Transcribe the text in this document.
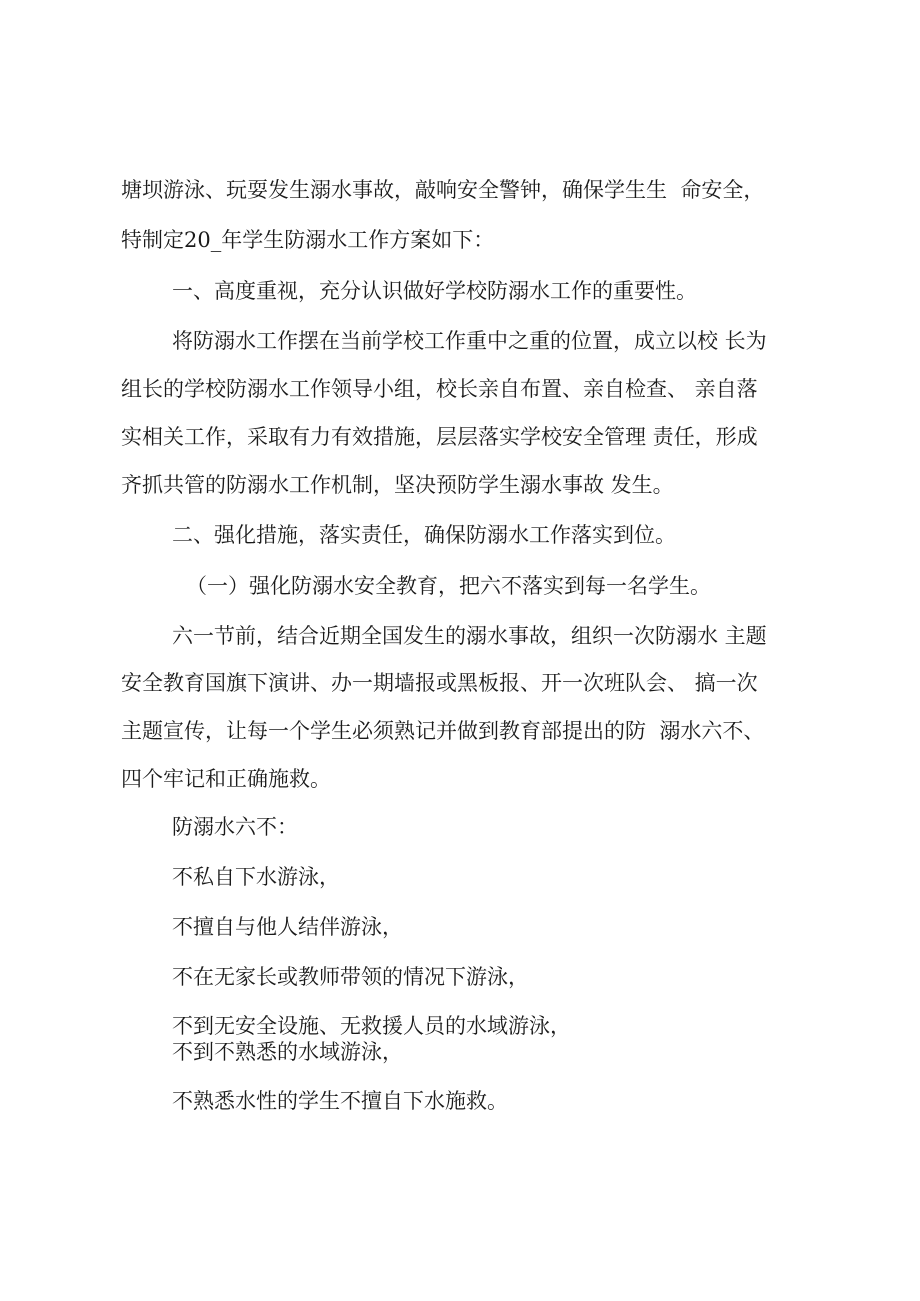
塘坝游泳、玩耍发生溺水事故，敲响安全警钟，确保学生生  命安全，
特制定20_年学生防溺水工作方案如下：
一、高度重视，充分认识做好学校防溺水工作的重要性。
将防溺水工作摆在当前学校工作重中之重的位置，成立以校 长为
组长的学校防溺水工作领导小组，校长亲自布置、亲自检查、 亲自落
实相关工作，采取有力有效措施，层层落实学校安全管理 责任，形成
齐抓共管的防溺水工作机制，坚决预防学生溺水事故 发生。
二、强化措施，落实责任，确保防溺水工作落实到位。
（一）强化防溺水安全教育，把六不落实到每一名学生。
六一节前，结合近期全国发生的溺水事故，组织一次防溺水 主题
安全教育国旗下演讲、办一期墙报或黑板报、开一次班队会、 搞一次
主题宣传，让每一个学生必须熟记并做到教育部提出的防  溺水六不、
四个牢记和正确施救。
防溺水六不：
不私自下水游泳，
不擅自与他人结伴游泳，
不在无家长或教师带领的情况下游泳，
不到无安全设施、无救援人员的水域游泳，
不到不熟悉的水域游泳，
不熟悉水性的学生不擅自下水施救。
